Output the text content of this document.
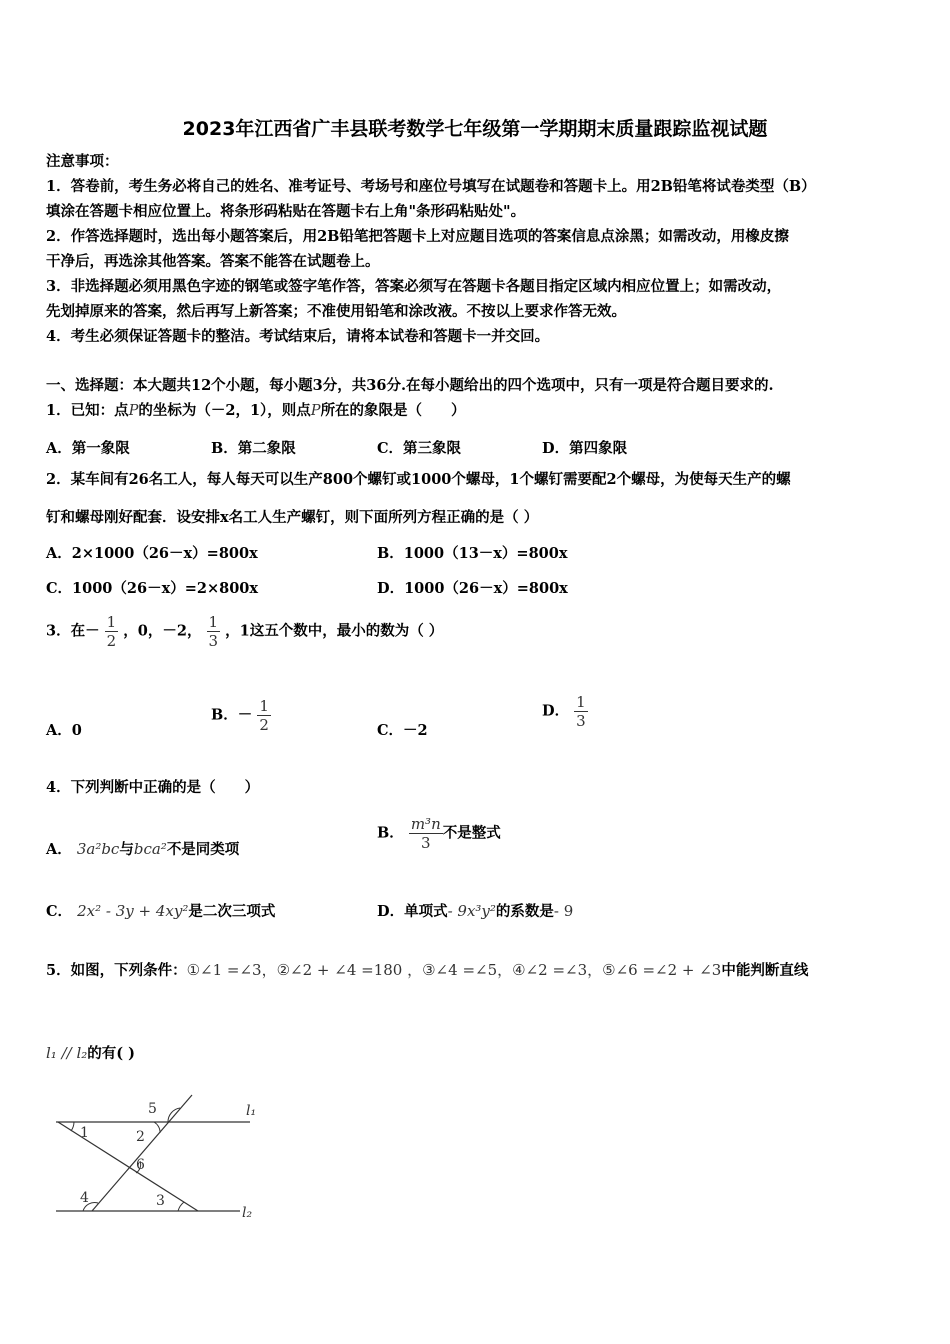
2023年江西省广丰县联考数学七年级第一学期期末质量跟踪监视试题
注意事项：
1．答卷前，考生务必将自己的姓名、准考证号、考场号和座位号填写在试题卷和答题卡上。用2B铅笔将试卷类型（B）
填涂在答题卡相应位置上。将条形码粘贴在答题卡右上角"条形码粘贴处"。
2．作答选择题时，选出每小题答案后，用2B铅笔把答题卡上对应题目选项的答案信息点涂黑；如需改动，用橡皮擦
干净后，再选涂其他答案。答案不能答在试题卷上。
3．非选择题必须用黑色字迹的钢笔或签字笔作答，答案必须写在答题卡各题目指定区域内相应位置上；如需改动，
先划掉原来的答案，然后再写上新答案；不准使用铅笔和涂改液。不按以上要求作答无效。
4．考生必须保证答题卡的整洁。考试结束后，请将本试卷和答题卡一并交回。
一、选择题：本大题共12个小题，每小题3分，共36分.在每小题给出的四个选项中，只有一项是符合题目要求的.
1．已知：点P的坐标为（－2，1），则点P所在的象限是（　　）
A．第一象限	B．第二象限	C．第三象限	D．第四象限
2．某车间有26名工人，每人每天可以生产800个螺钉或1000个螺母，1个螺钉需要配2个螺母，为使每天生产的螺
钉和螺母刚好配套．设安排x名工人生产螺钉，则下面所列方程正确的是（ ）
A．2×1000（26－x）=800x	B．1000（13－x）=800x
C．1000（26－x）=2×800x	D．1000（26－x）=800x
3．在－ $\frac{1}{2}$ ，0，－2， $\frac{1}{3}$ ，1这五个数中，最小的数为（ ）
A．0
B．－ $\frac{1}{2}$	C．－2
D． $\frac{1}{3}$
4．下列判断中正确的是（　　）
A． 3a²bc与bca²不是同类项
B． $\frac{\text{m³n}}{3}$ 不是整式
C． 2x² - 3y + 4xy²是二次三项式	D．单项式- 9x³y²的系数是- 9
5．如图，下列条件：①∠1 =∠3，②∠2 + ∠4 =180 ，③∠4 =∠5，④∠2 =∠3，⑤∠6 =∠2 + ∠3中能判断直线
l₁ // l₂的有( )
1	2
3
4
5
6
l₁
l₂
